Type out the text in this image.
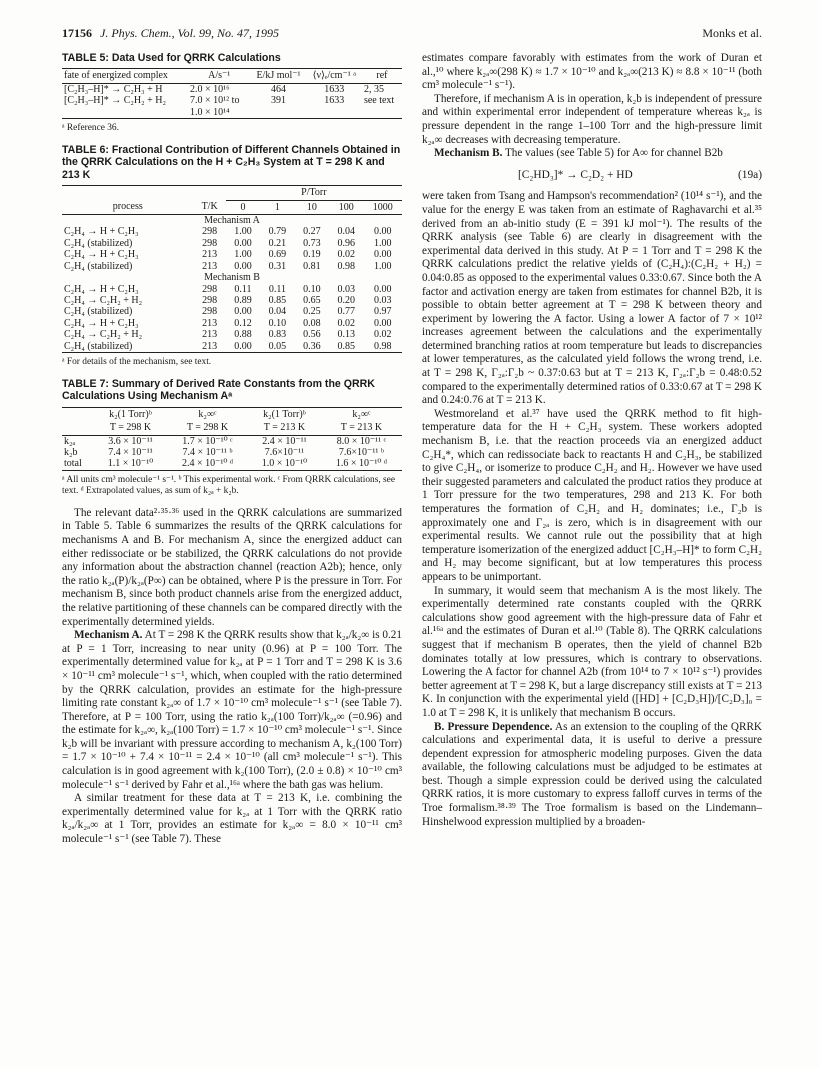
17156 J. Phys. Chem., Vol. 99, No. 47, 1995	Monks et al.
TABLE 5: Data Used for QRRK Calculations
fate of energized complex	A/s⁻¹	E/kJ mol⁻¹	⟨ν⟩ₑ/cm⁻¹ ᵃ	ref
[C₂H₃–H]* → C₂H₃ + H	2.0 × 10¹⁶	464	1633	2, 35
[C₂H₃–H]* → C₂H₂ + H₂	7.0 × 10¹² to	391	1633	see text
	1.0 × 10¹⁴			
ᵃ Reference 36.
TABLE 6: Fractional Contribution of Different Channels Obtained in the QRRK Calculations on the H + C₂H₃ System at T = 298 K and 213 K
		P/Torr				
process	T/K	0	1	10	100	1000
Mechanism A						
C₂H₄ → H + C₂H₃	298	1.00	0.79	0.27	0.04	0.00
C₂H₄ (stabilized)	298	0.00	0.21	0.73	0.96	1.00
C₂H₄ → H + C₂H₃	213	1.00	0.69	0.19	0.02	0.00
C₂H₄ (stabilized)	213	0.00	0.31	0.81	0.98	1.00
Mechanism B						
C₂H₄ → H + C₂H₃	298	0.11	0.11	0.10	0.03	0.00
C₂H₄ → C₂H₂ + H₂	298	0.89	0.85	0.65	0.20	0.03
C₂H₄ (stabilized)	298	0.00	0.04	0.25	0.77	0.97
C₂H₄ → H + C₂H₃	213	0.12	0.10	0.08	0.02	0.00
C₂H₄ → C₂H₂ + H₂	213	0.88	0.83	0.56	0.13	0.02
C₂H₄ (stabilized)	213	0.00	0.05	0.36	0.85	0.98
ᵃ For details of the mechanism, see text.
TABLE 7: Summary of Derived Rate Constants from the QRRK Calculations Using Mechanism Aᵃ
	k₂(1 Torr)ᵇ	k₂∞ᶜ	k₂(1 Torr)ᵇ	k₂∞ᶜ
	T = 298 K	T = 298 K	T = 213 K	T = 213 K
k₂ₐ	3.6 × 10⁻¹¹	1.7 × 10⁻¹⁰ ᶜ	2.4 × 10⁻¹¹	8.0 × 10⁻¹¹ ᶜ
k₂b	7.4 × 10⁻¹¹	7.4 × 10⁻¹¹ ᵇ	7.6×10⁻¹¹	7.6×10⁻¹¹ ᵇ
total	1.1 × 10⁻¹⁰	2.4 × 10⁻¹⁰ ᵈ	1.0 × 10⁻¹⁰	1.6 × 10⁻¹⁰ ᵈ
ᵃ All units cm³ molecule⁻¹ s⁻¹. ᵇ This experimental work. ᶜ From QRRK calculations, see text. ᵈ Extrapolated values, as sum of k₂ₐ + k₂b.

The relevant data²·³⁵·³⁶ used in the QRRK calculations are summarized in Table 5. Table 6 summarizes the results of the QRRK calculations for mechanisms A and B. For mechanism A, since the energized adduct can either redissociate or be stabilized, the QRRK calculations do not provide any information about the abstraction channel (reaction A2b); hence, only the ratio k₂ₐ(P)/k₂ₐ(P∞) can be obtained, where P is the pressure in Torr. For mechanism B, since both product channels arise from the energized adduct, the relative partitioning of these channels can be compared directly with the experimentally determined yields.

Mechanism A. At T = 298 K the QRRK results show that k₂ₐ/k₂∞ is 0.21 at P = 1 Torr, increasing to near unity (0.96) at P = 100 Torr. The experimentally determined value for k₂ₐ at P = 1 Torr and T = 298 K is 3.6 × 10⁻¹¹ cm³ molecule⁻¹ s⁻¹, which, when coupled with the ratio determined by the QRRK calculation, provides an estimate for the high-pressure limiting rate constant k₂ₐ∞ of 1.7 × 10⁻¹⁰ cm³ molecule⁻¹ s⁻¹ (see Table 7). Therefore, at P = 100 Torr, using the ratio k₂ₐ(100 Torr)/k₂ₐ∞ (=0.96) and the estimate for k₂ₐ∞, k₂ₐ(100 Torr) = 1.7 × 10⁻¹⁰ cm³ molecule⁻¹ s⁻¹. Since k₂b will be invariant with pressure according to mechanism A, k₂(100 Torr) = 1.7 × 10⁻¹⁰ + 7.4 × 10⁻¹¹ = 2.4 × 10⁻¹⁰ (all cm³ molecule⁻¹ s⁻¹). This calculation is in good agreement with k₂(100 Torr), (2.0 ± 0.8) × 10⁻¹⁰ cm³ molecule⁻¹ s⁻¹ derived by Fahr et al.,¹⁶ᵃ where the bath gas was helium.

A similar treatment for these data at T = 213 K, i.e. combining the experimentally determined value for k₂ₐ at 1 Torr with the QRRK ratio k₂ₐ/k₂ₐ∞ at 1 Torr, provides an estimate for k₂ₐ∞ = 8.0 × 10⁻¹¹ cm³ molecule⁻¹ s⁻¹ (see Table 7). These

estimates compare favorably with estimates from the work of Duran et al.,¹⁰ where k₂ₐ∞(298 K) ≈ 1.7 × 10⁻¹⁰ and k₂ₐ∞(213 K) ≈ 8.8 × 10⁻¹¹ (both cm³ molecule⁻¹ s⁻¹).

Therefore, if mechanism A is in operation, k₂b is independent of pressure and within experimental error independent of temperature whereas k₂ₐ is pressure dependent in the range 1–100 Torr and the high-pressure limit k₂ₐ∞ decreases with decreasing temperature.

Mechanism B. The values (see Table 5) for A∞ for channel B2b

[C₂HD₃]* → C₂D₂ + HD	(19a)

were taken from Tsang and Hampson's recommendation² (10¹⁴ s⁻¹), and the value for the energy E was taken from an estimate of Raghavarchi et al.³⁵ derived from an ab-initio study (E = 391 kJ mol⁻¹). The results of the QRRK analysis (see Table 6) are clearly in disagreement with the experimental data derived in this study. At P = 1 Torr and T = 298 K the QRRK calculations predict the relative yields of (C₂H₄):(C₂H₂ + H₂) = 0.04:0.85 as opposed to the experimental values 0.33:0.67. Since both the A factor and activation energy are taken from estimates for channel B2b, it is possible to obtain better agreement at T = 298 K between theory and experiment by lowering the A factor. Using a lower A factor of 7 × 10¹² increases agreement between the calculations and the experimentally determined branching ratios at room temperature but leads to discrepancies at lower temperatures, as the calculated yield follows the wrong trend, i.e. at T = 298 K, Γ₂ₐ:Γ₂b ~ 0.37:0.63 but at T = 213 K, Γ₂ₐ:Γ₂b = 0.48:0.52 compared to the experimentally determined ratios of 0.33:0.67 at T = 298 K and 0.24:0.76 at T = 213 K.

Westmoreland et al.³⁷ have used the QRRK method to fit high-temperature data for the H + C₂H₃ system. These workers adopted mechanism B, i.e. that the reaction proceeds via an energized adduct C₂H₄*, which can redissociate back to reactants H and C₂H₃, be stabilized to give C₂H₄, or isomerize to produce C₂H₂ and H₂. However we have used their suggested parameters and calculated the product ratios they produce at 1 Torr pressure for the two temperatures, 298 and 213 K. For both temperatures the formation of C₂H₂ and H₂ dominates; i.e., Γ₂b is approximately one and Γ₂ₐ is zero, which is in disagreement with our experimental results. We cannot rule out the possibility that at high temperature isomerization of the energized adduct [C₂H₃–H]* to form C₂H₂ and H₂ may become significant, but at low temperatures this process appears to be unimportant.

In summary, it would seem that mechanism A is the most likely. The experimentally determined rate constants coupled with the QRRK calculations show good agreement with the high-pressure data of Fahr et al.¹⁶ᵃ and the estimates of Duran et al.¹⁰ (Table 8). The QRRK calculations suggest that if mechanism B operates, then the yield of channel B2b dominates totally at low pressures, which is contrary to observations. Lowering the A factor for channel A2b (from 10¹⁴ to 7 × 10¹² s⁻¹) provides better agreement at T = 298 K, but a large discrepancy still exists at T = 213 K. In conjunction with the experimental yield ([HD] + [C₂D₃H])/[C₂D₃]₀ = 1.0 at T = 298 K, it is unlikely that mechanism B occurs.

B. Pressure Dependence. As an extension to the coupling of the QRRK calculations and experimental data, it is useful to derive a pressure dependent expression for atmospheric modeling purposes. Given the data available, the following calculations must be adjudged to be estimates at best. Though a simple expression could be derived using the calculated QRRK ratios, it is more customary to express falloff curves in terms of the Troe formalism.³⁸·³⁹ The Troe formalism is based on the Lindemann–Hinshelwood expression multiplied by a broaden-
